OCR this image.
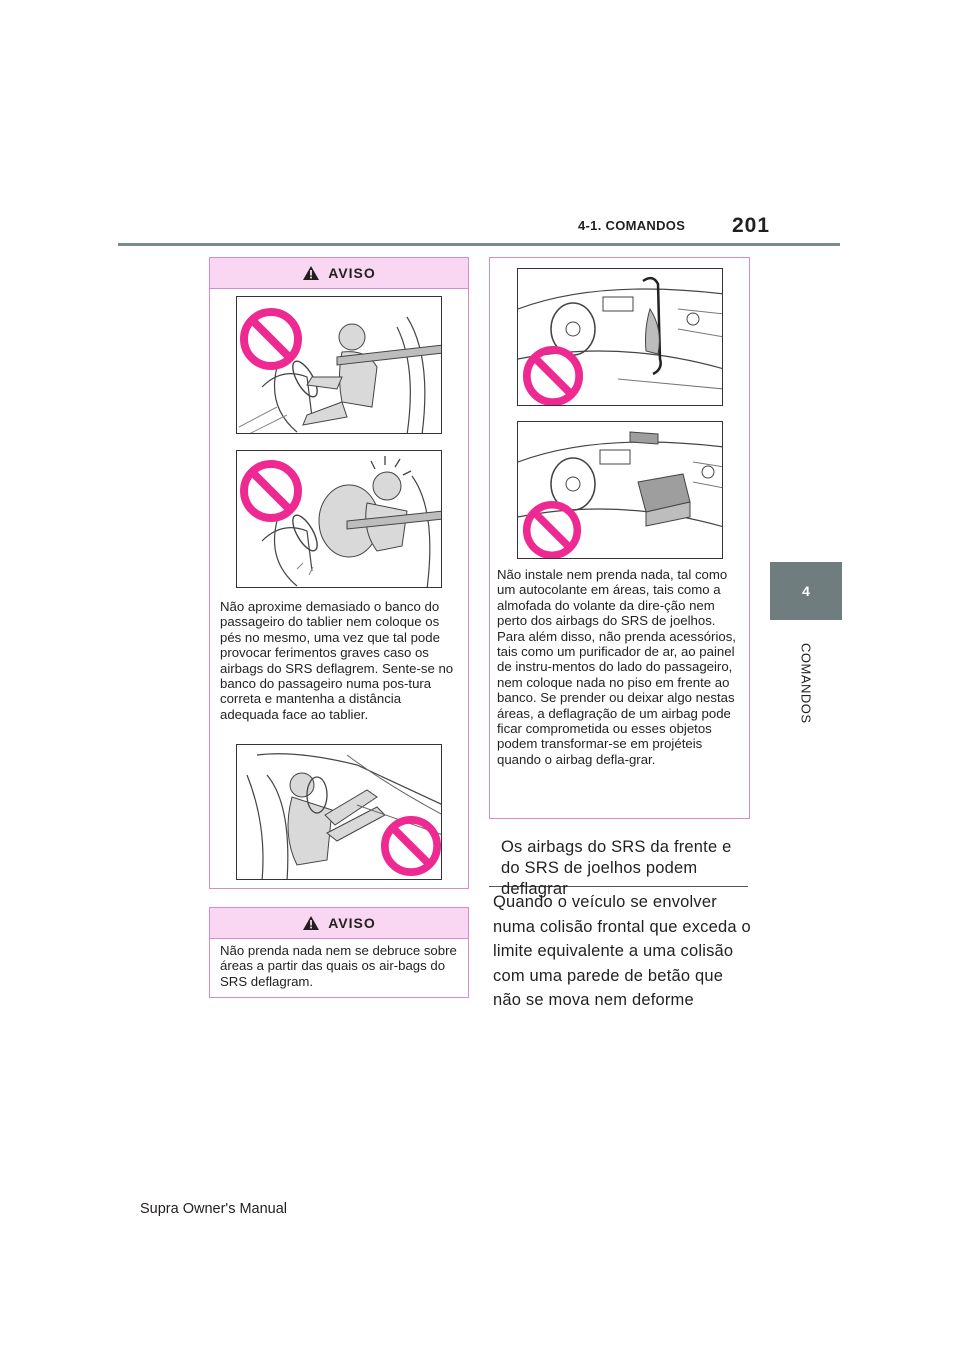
4-1. COMANDOS 201
4
COMANDOS
AVISO
Não aproxime demasiado o banco do passageiro do tablier nem coloque os pés no mesmo, uma vez que tal pode provocar ferimentos graves caso os airbags do SRS deflagrem. Sente-se no banco do passageiro numa pos-tura correta e mantenha a distância adequada face ao tablier.
AVISO
Não prenda nada nem se debruce sobre áreas a partir das quais os air-bags do SRS deflagram.
Não instale nem prenda nada, tal como um autocolante em áreas, tais como a almofada do volante da dire-ção nem perto dos airbags do SRS de joelhos. Para além disso, não prenda acessórios, tais como um purificador de ar, ao painel de instru-mentos do lado do passageiro, nem coloque nada no piso em frente ao banco. Se prender ou deixar algo nestas áreas, a deflagração de um airbag pode ficar comprometida ou esses objetos podem transformar-se em projéteis quando o airbag defla-grar.
Os airbags do SRS da frente e do SRS de joelhos podem deflagrar
Quando o veículo se envolver numa colisão frontal que exceda o limite equivalente a uma colisão com uma parede de betão que não se mova nem deforme
Supra Owner's Manual
